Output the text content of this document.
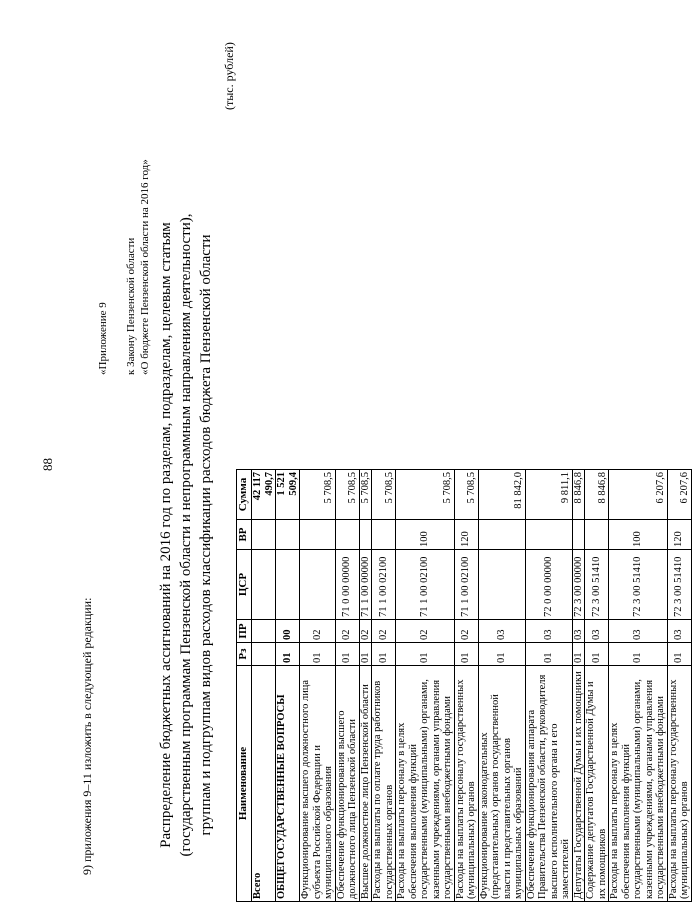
88
9) приложения 9–11 изложить в следующей редакции:
«Приложение 9 к Закону Пензенской области «О бюджете Пензенской области на 2016 год» Распределение бюджетных ассигнований на 2016 год по разделам, подразделам, целевым статьям (государственным программам Пензенской области и непрограммным направлениям деятельности), группам и подгруппам видов расходов классификации расходов бюджета Пензенской области
(тыс. рублей)
Наименование	Рз	ПР	ЦСР	ВР	Сумма
Всего					42 117 490,7
ОБЩЕГОСУДАРСТВЕННЫЕ ВОПРОСЫ	01	00			1 521 509,4
Функционирование высшего должностного лица субъекта Российской Федерации и муниципального образования	01	02			5 708,5
Обеспечение функционирования высшего должностного лица Пензенской области	01	02	71 0 00 00000		5 708,5
Высшее должностное лицо Пензенской области	01	02	71 1 00 00000		5 708,5
Расходы на выплаты по оплате труда работников государственных органов	01	02	71 1 00 02100		5 708,5
Расходы на выплаты персоналу в целях обеспечения выполнения функций государственными (муниципальными) органами, казенными учреждениями, органами управления государственными внебюджетными фондами	01	02	71 1 00 02100	100	5 708,5
Расходы на выплаты персоналу государственных (муниципальных) органов	01	02	71 1 00 02100	120	5 708,5
Функционирование законодательных (представительных) органов государственной власти и представительных органов муниципальных образований	01	03			81 842,0
Обеспечение функционирования аппарата Правительства Пензенской области, руководителя высшего исполнительного органа и его заместителей	01	03	72 0 00 00000		9 811,1
Депутаты Государственной Думы и их помощники	01	03	72 3 00 00000		8 846,8
Содержание депутатов Государственной Думы и их помощников	01	03	72 3 00 51410		8 846,8
Расходы на выплаты персоналу в целях обеспечения выполнения функций государственными (муниципальными) органами, казенными учреждениями, органами управления государственными внебюджетными фондами	01	03	72 3 00 51410	100	6 207,6
Расходы на выплаты персоналу государственных (муниципальных) органов	01	03	72 3 00 51410	120	6 207,6
